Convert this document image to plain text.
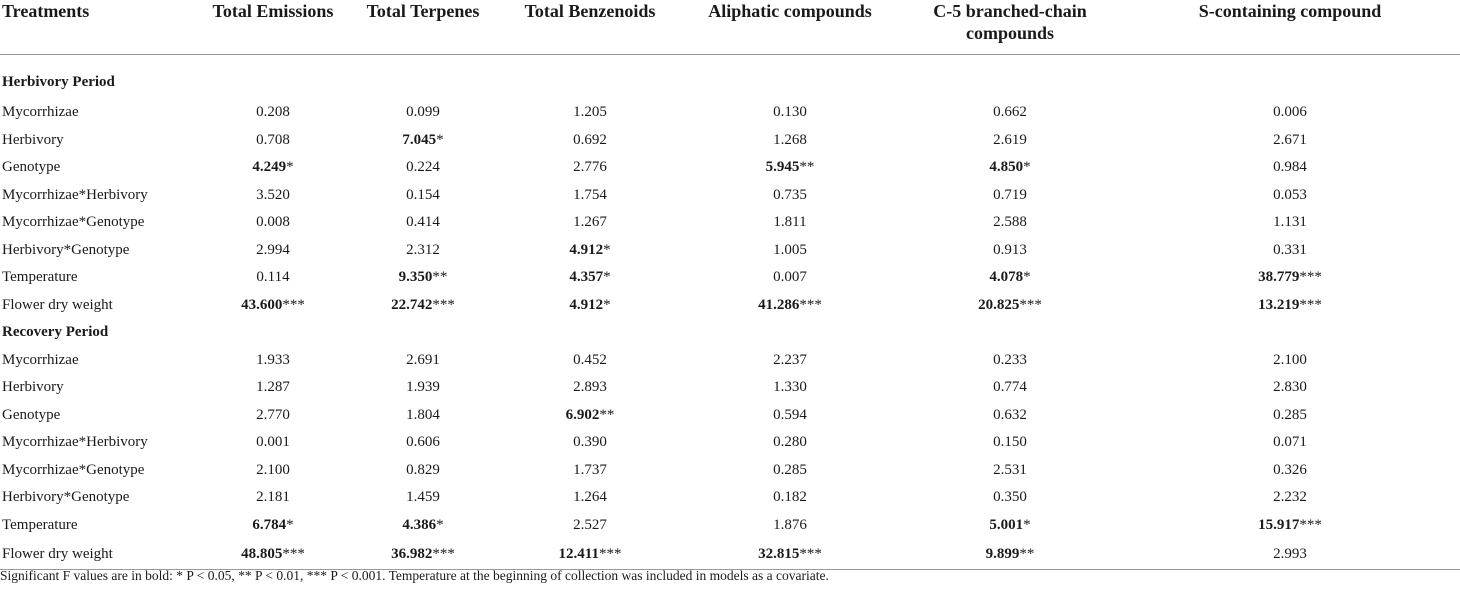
Treatments	Total Emissions	Total Terpenes	Total Benzenoids	Aliphatic compounds	C-5 branched-chain compounds	S-containing compound
Herbivory Period						
Mycorrhizae	0.208	0.099	1.205	0.130	0.662	0.006
Herbivory	0.708	7.045*	0.692	1.268	2.619	2.671
Genotype	4.249*	0.224	2.776	5.945**	4.850*	0.984
Mycorrhizae*Herbivory	3.520	0.154	1.754	0.735	0.719	0.053
Mycorrhizae*Genotype	0.008	0.414	1.267	1.811	2.588	1.131
Herbivory*Genotype	2.994	2.312	4.912*	1.005	0.913	0.331
Temperature	0.114	9.350**	4.357*	0.007	4.078*	38.779***
Flower dry weight	43.600***	22.742***	4.912*	41.286***	20.825***	13.219***
Recovery Period						
Mycorrhizae	1.933	2.691	0.452	2.237	0.233	2.100
Herbivory	1.287	1.939	2.893	1.330	0.774	2.830
Genotype	2.770	1.804	6.902**	0.594	0.632	0.285
Mycorrhizae*Herbivory	0.001	0.606	0.390	0.280	0.150	0.071
Mycorrhizae*Genotype	2.100	0.829	1.737	0.285	2.531	0.326
Herbivory*Genotype	2.181	1.459	1.264	0.182	0.350	2.232
Temperature	6.784*	4.386*	2.527	1.876	5.001*	15.917***
Flower dry weight	48.805***	36.982***	12.411***	32.815***	9.899**	2.993
Significant F values are in bold: * P < 0.05, ** P < 0.01, *** P < 0.001. Temperature at the beginning of collection was included in models as a covariate.
